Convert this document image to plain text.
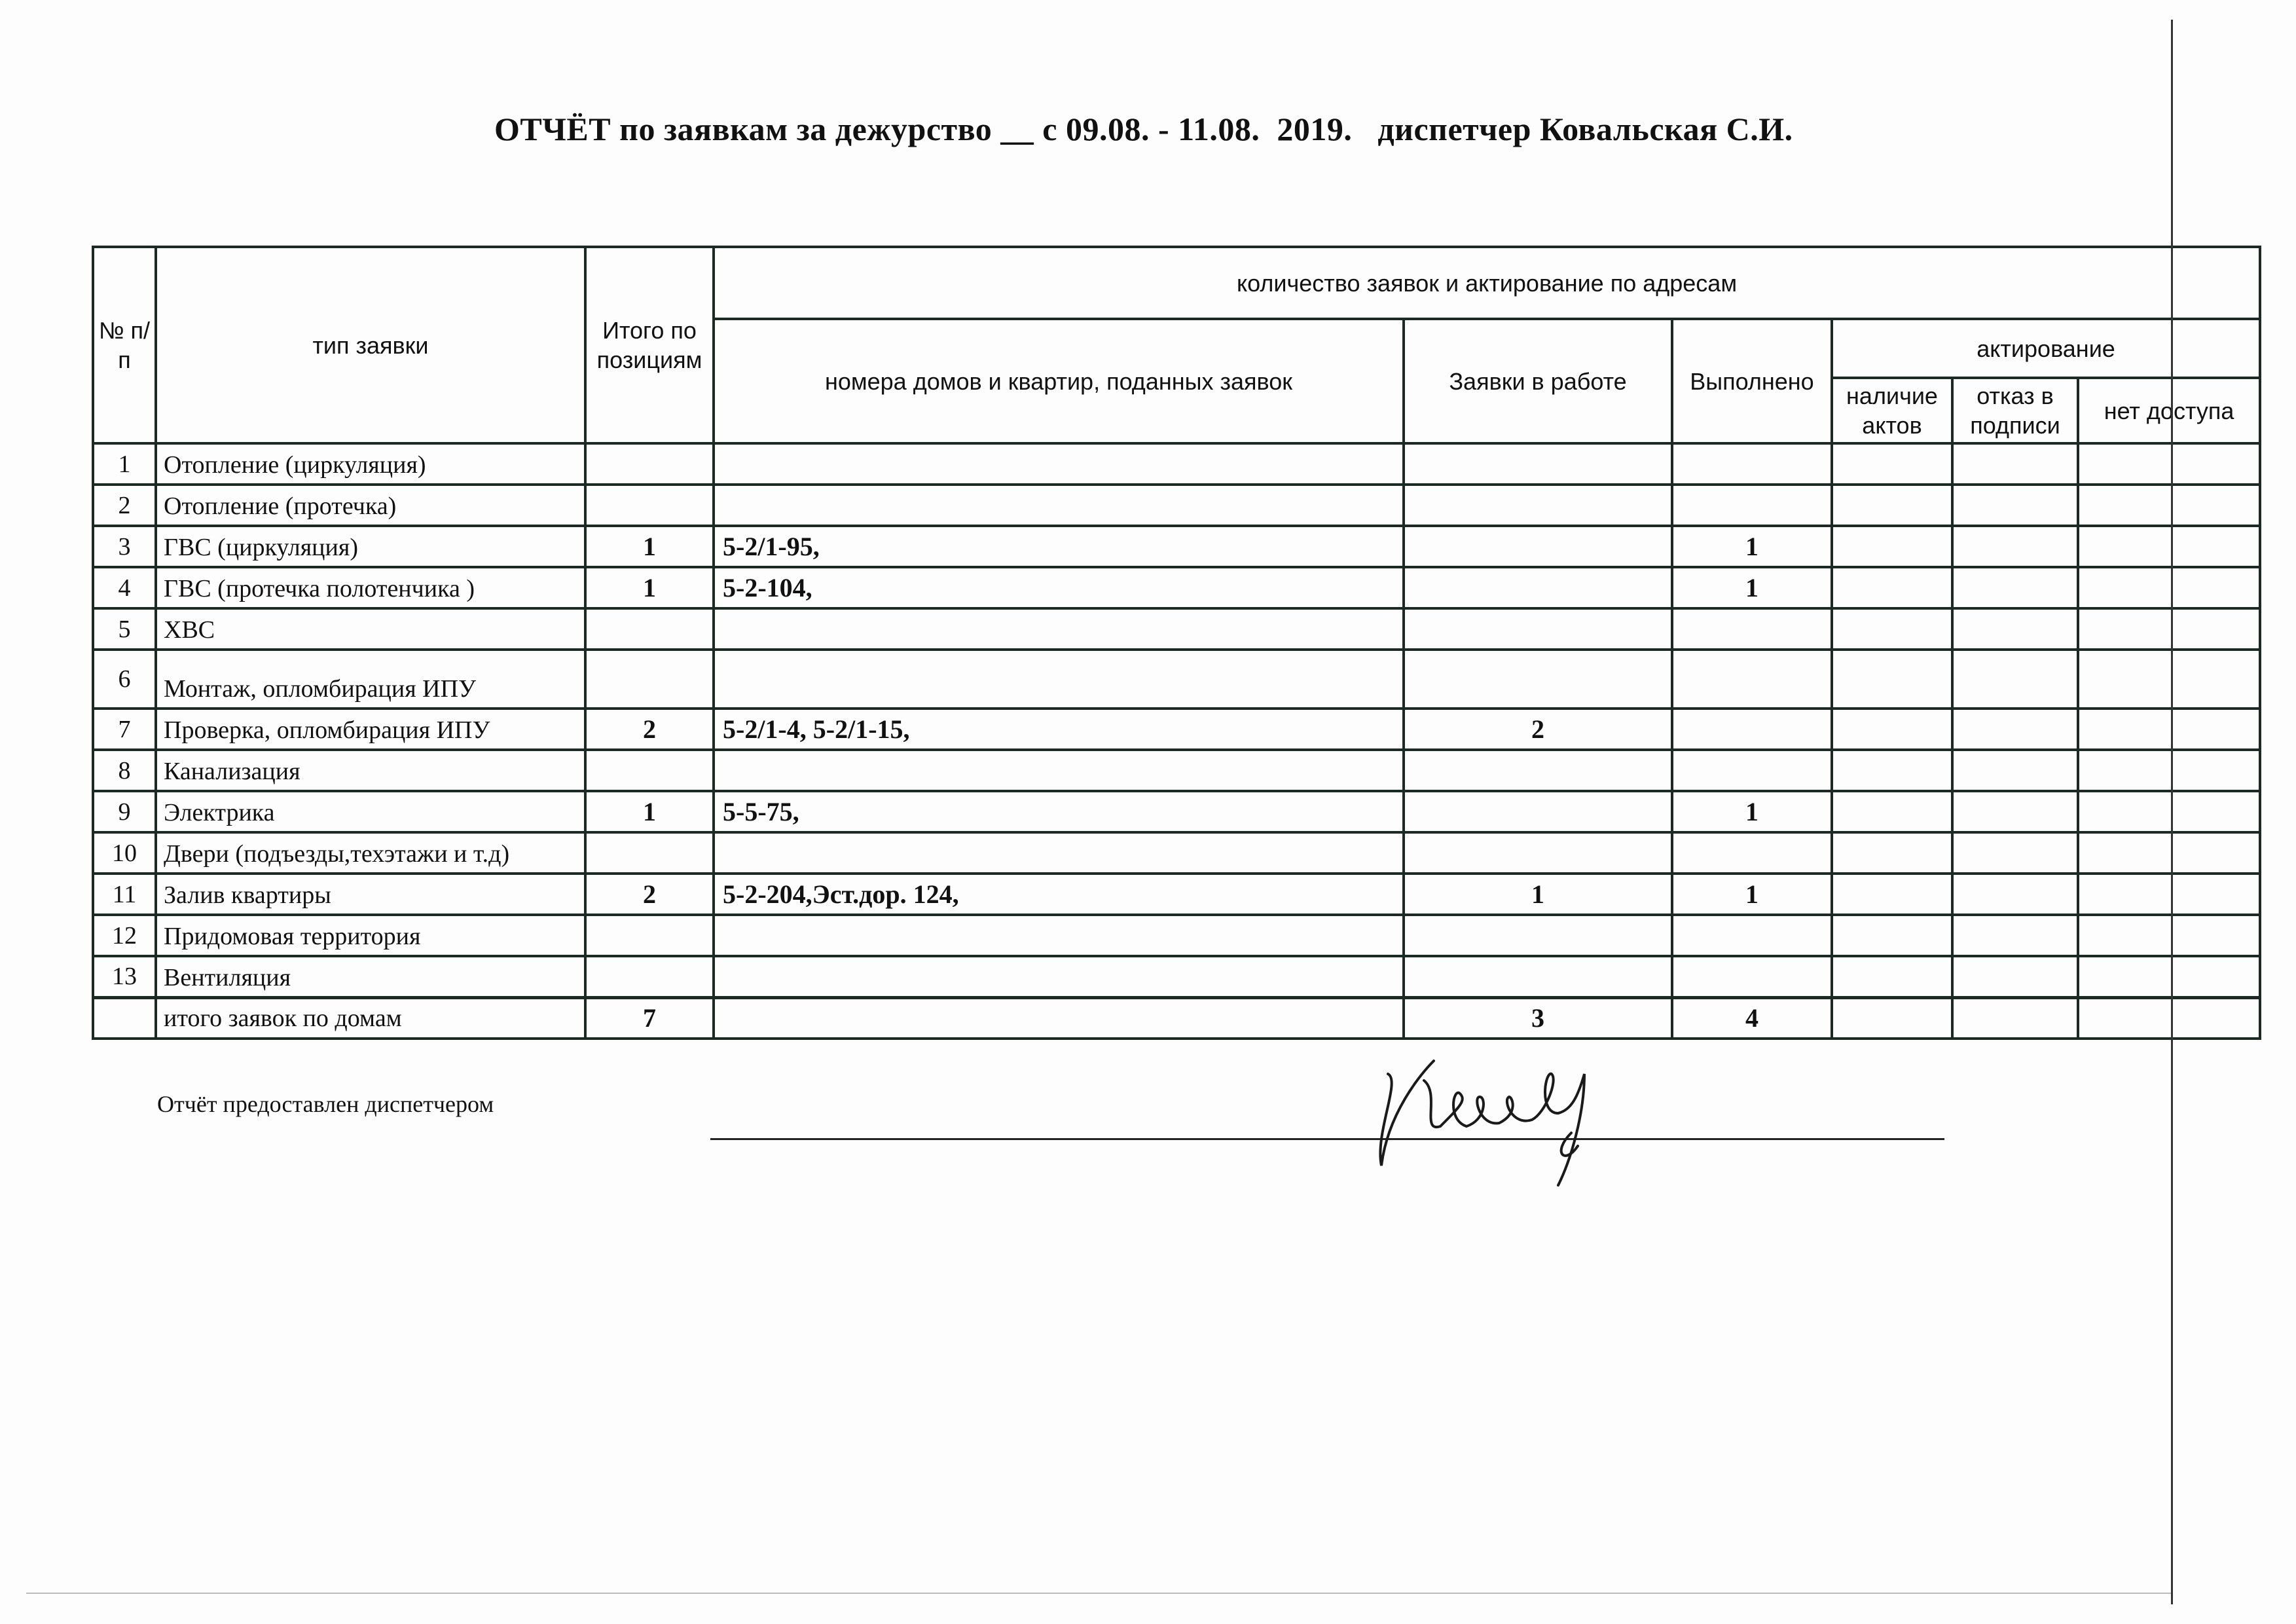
ОТЧЁТ по заявкам за дежурство __ с 09.08. - 11.08.  2019. диспетчер Ковальская С.И.
№ п/п	тип заявки	Итого по позициям	количество заявок и актирование по адресам					
			номера домов и квартир, поданных заявок	Заявки в работе	Выполнено	актирование		
						наличие актов	отказ в подписи	нет доступа
1	Отопление (циркуляция)							
2	Отопление (протечка)							
3	ГВС (циркуляция)	1	5-2/1-95,		1			
4	ГВС (протечка полотенчика )	1	5-2-104,		1			
5	ХВС							
6	Монтаж, опломбирация ИПУ							
7	Проверка, опломбирация ИПУ	2	5-2/1-4, 5-2/1-15,	2				
8	Канализация							
9	Электрика	1	5-5-75,		1			
10	Двери (подъезды,техэтажи и т.д)							
11	Залив квартиры	2	5-2-204,Эст.дор. 124,	1	1			
12	Придомовая территория							
13	Вентиляция							
	итого заявок по домам	7		3	4			
Отчёт предоставлен диспетчером
